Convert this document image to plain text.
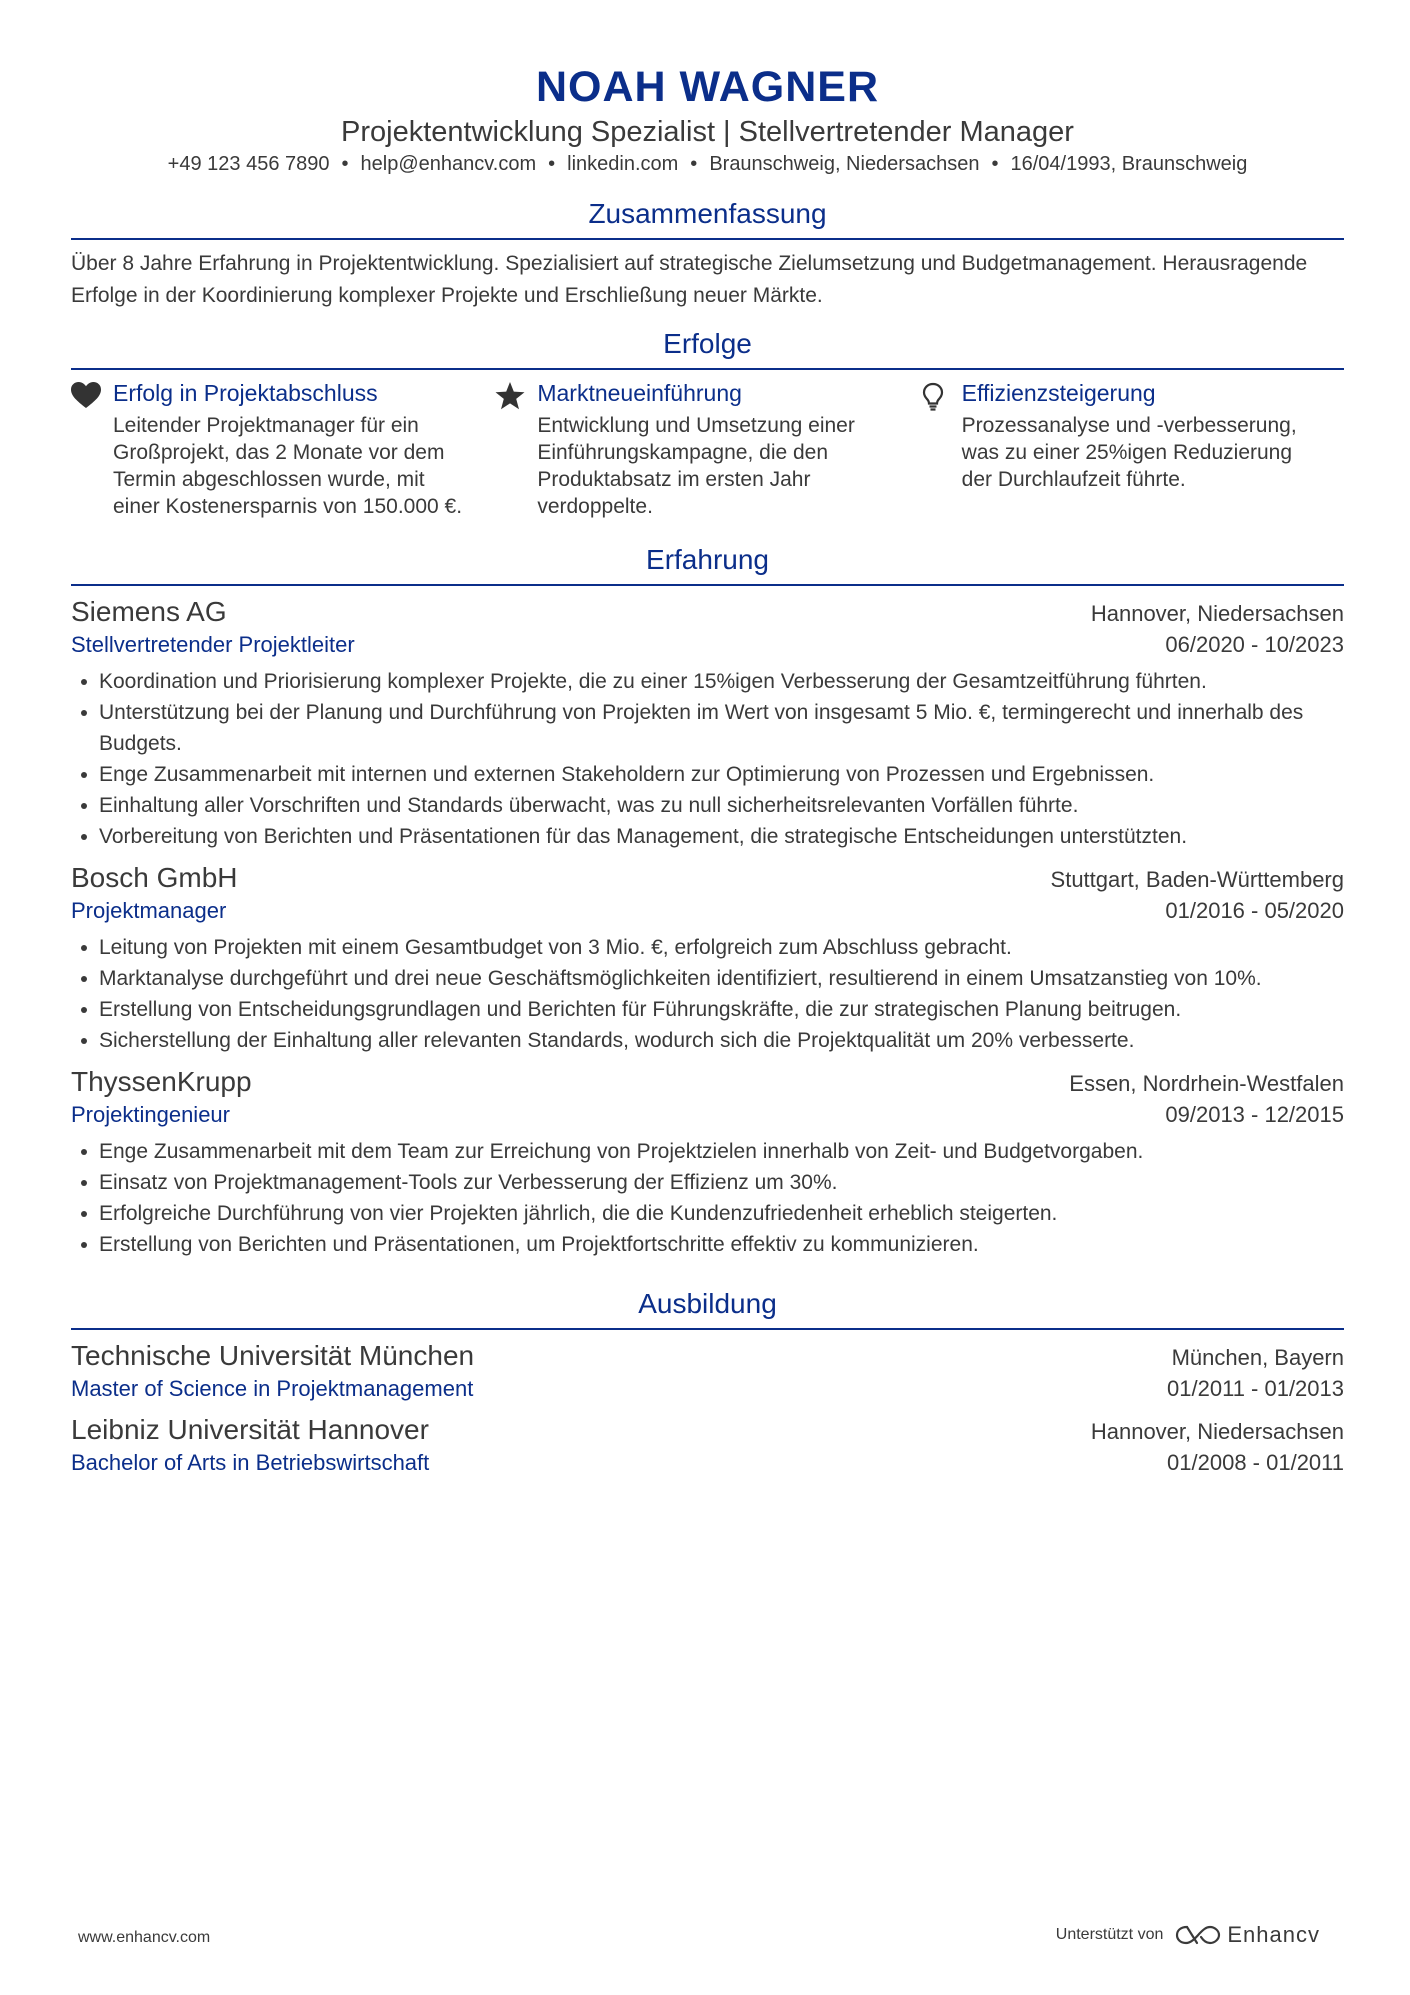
NOAH WAGNER
Projektentwicklung Spezialist | Stellvertretender Manager
+49 123 456 7890 • help@enhancv.com • linkedin.com • Braunschweig, Niedersachsen • 16/04/1993, Braunschweig
Zusammenfassung
Über 8 Jahre Erfahrung in Projektentwicklung. Spezialisiert auf strategische Zielumsetzung und Budgetmanagement. Herausragende Erfolge in der Koordinierung komplexer Projekte und Erschließung neuer Märkte.
Erfolge
Erfolg in Projektabschluss
Leitender Projektmanager für ein Großprojekt, das 2 Monate vor dem Termin abgeschlossen wurde, mit einer Kostenersparnis von 150.000 €.
Marktneueinführung
Entwicklung und Umsetzung einer Einführungskampagne, die den Produktabsatz im ersten Jahr verdoppelte.
Effizienzsteigerung
Prozessanalyse und -verbesserung, was zu einer 25%igen Reduzierung der Durchlaufzeit führte.
Erfahrung
Siemens AG	Hannover, Niedersachsen
Stellvertretender Projektleiter	06/2020 - 10/2023
Koordination und Priorisierung komplexer Projekte, die zu einer 15%igen Verbesserung der Gesamtzeitführung führten.
Unterstützung bei der Planung und Durchführung von Projekten im Wert von insgesamt 5 Mio. €, termingerecht und innerhalb des Budgets.
Enge Zusammenarbeit mit internen und externen Stakeholdern zur Optimierung von Prozessen und Ergebnissen.
Einhaltung aller Vorschriften und Standards überwacht, was zu null sicherheitsrelevanten Vorfällen führte.
Vorbereitung von Berichten und Präsentationen für das Management, die strategische Entscheidungen unterstützten.
Bosch GmbH	Stuttgart, Baden-Württemberg
Projektmanager	01/2016 - 05/2020
Leitung von Projekten mit einem Gesamtbudget von 3 Mio. €, erfolgreich zum Abschluss gebracht.
Marktanalyse durchgeführt und drei neue Geschäftsmöglichkeiten identifiziert, resultierend in einem Umsatzanstieg von 10%.
Erstellung von Entscheidungsgrundlagen und Berichten für Führungskräfte, die zur strategischen Planung beitrugen.
Sicherstellung der Einhaltung aller relevanten Standards, wodurch sich die Projektqualität um 20% verbesserte.
ThyssenKrupp	Essen, Nordrhein-Westfalen
Projektingenieur	09/2013 - 12/2015
Enge Zusammenarbeit mit dem Team zur Erreichung von Projektzielen innerhalb von Zeit- und Budgetvorgaben.
Einsatz von Projektmanagement-Tools zur Verbesserung der Effizienz um 30%.
Erfolgreiche Durchführung von vier Projekten jährlich, die die Kundenzufriedenheit erheblich steigerten.
Erstellung von Berichten und Präsentationen, um Projektfortschritte effektiv zu kommunizieren.
Ausbildung
Technische Universität München	München, Bayern
Master of Science in Projektmanagement	01/2011 - 01/2013
Leibniz Universität Hannover	Hannover, Niedersachsen
Bachelor of Arts in Betriebswirtschaft	01/2008 - 01/2011
www.enhancv.com	Unterstützt von	Enhancv
